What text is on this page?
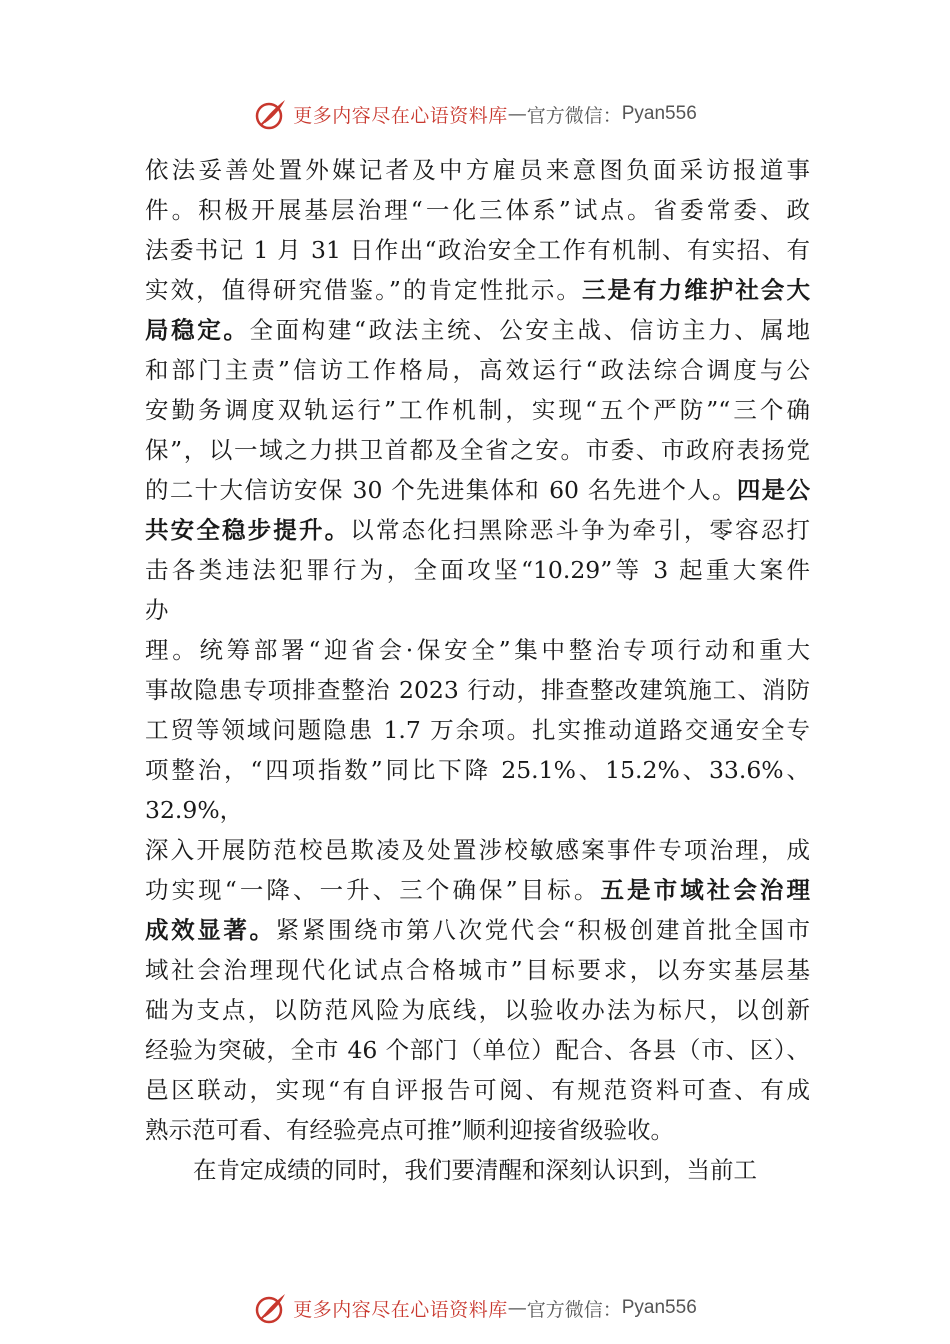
更多内容尽在心语资料库 — 官方微信： Pyan556
依法妥善处置外媒记者及中方雇员来意图负面采访报道事
件。积极开展基层治理“一化三体系”试点。省委常委、政
法委书记 1 月 31 日作出“政治安全工作有机制、有实招、有
实效，值得研究借鉴。”的肯定性批示。三是有力维护社会大
局稳定。全面构建“政法主统、公安主战、信访主力、属地
和部门主责”信访工作格局，高效运行“政法综合调度与公
安勤务调度双轨运行”工作机制，实现“五个严防”“三个确
保”，以一域之力拱卫首都及全省之安。市委、市政府表扬党
的二十大信访安保 30 个先进集体和 60 名先进个人。四是公
共安全稳步提升。以常态化扫黑除恶斗争为牵引，零容忍打
击各类违法犯罪行为，全面攻坚“10.29”等 3 起重大案件
办
理。统筹部署“迎省会·保安全”集中整治专项行动和重大
事故隐患专项排查整治 2023 行动，排查整改建筑施工、消防
工贸等领域问题隐患 1.7 万余项。扎实推动道路交通安全专
项整治，“四项指数”同比下降 25.1%、15.2%、33.6%、
32.9%，
深入开展防范校⾢欺凌及处置涉校敏感案事件专项治理，成
功实现“一降、一升、三个确保”目标。五是市域社会治理
成效显著。紧紧围绕市第八次党代会“积极创建首批全国市
域社会治理现代化试点合格城市”目标要求，以夯实基层基
础为支点，以防范风险为底线，以验收办法为标尺，以创新
经验为突破，全市 46 个部门（单位）配合、各县（市、区）、
⾢区联动，实现“有自评报告可阅、有规范资料可查、有成
熟示范可看、有经验亮点可推”顺利迎接省级验收。
在肯定成绩的同时，我们要清醒和深刻认识到，当前工
更多内容尽在心语资料库 — 官方微信： Pyan556
